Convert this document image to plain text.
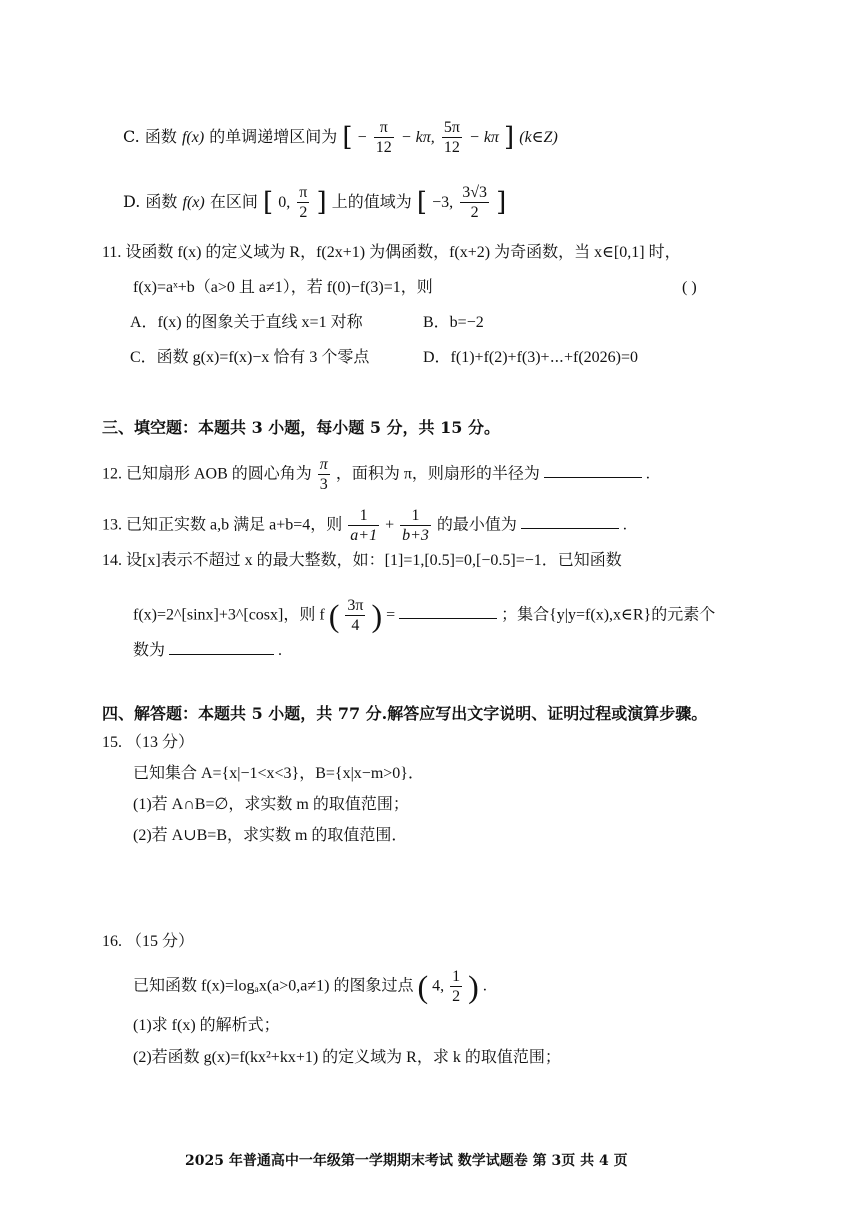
C. 函数 f(x) 的单调递增区间为 [ − $\frac{\pi}{12} - k\pi$, $\frac{5\pi}{12} - k\pi$ ] (k∈Z)
D. 函数 f(x) 在区间 [ 0, $\frac{\pi}{2}$ ] 上的值域为 [ −3, $\frac{3√3}{2}$ ]
11. 设函数 f(x) 的定义域为 R，f(2x+1) 为偶函数，f(x+2) 为奇函数，当 x∈[0,1] 时，
f(x)=aˣ+b（a>0 且 a≠1），若 f(0)−f(3)=1，则	( )
A．f(x) 的图象关于直线 x=1 对称	B．b=−2
C．函数 g(x)=f(x)−x 恰有 3 个零点	D．f(1)+f(2)+f(3)+⋯+f(2026)=0
三、填空题：本题共 3 小题，每小题 5 分，共 15 分。
12. 已知扇形 AOB 的圆心角为 $\frac{\pi}{3}$ ，面积为 π，则扇形的半径为	.
13. 已知正实数 a,b 满足 a+b=4，则 $\frac{1}{a+1} + \frac{1}{b+3}$ 的最小值为	.
14. 设[x]表示不超过 x 的最大整数，如：[1]=1,[0.5]=0,[−0.5]=−1．已知函数
f(x)=2^[sinx]+3^[cosx]，则 f ( $\frac{3\pi}{4}$ ) =	；集合{y|y=f(x),x∈R}的元素个
数为	.
四、解答题：本题共 5 小题，共 77 分.解答应写出文字说明、证明过程或演算步骤。
15. （13 分）
已知集合 A={x|−1<x<3}，B={x|x−m>0}．
(1)若 A∩B=∅，求实数 m 的取值范围；
(2)若 A∪B=B，求实数 m 的取值范围．
16. （15 分）
已知函数 f(x)=logₐx(a>0,a≠1) 的图象过点 ( 4, $\frac{1}{2}$ ) .
(1)求 f(x) 的解析式；
(2)若函数 g(x)=f(kx²+kx+1) 的定义域为 R，求 k 的取值范围；
2025 年普通高中一年级第一学期期末考试 数学试题卷 第 3页 共 4 页
